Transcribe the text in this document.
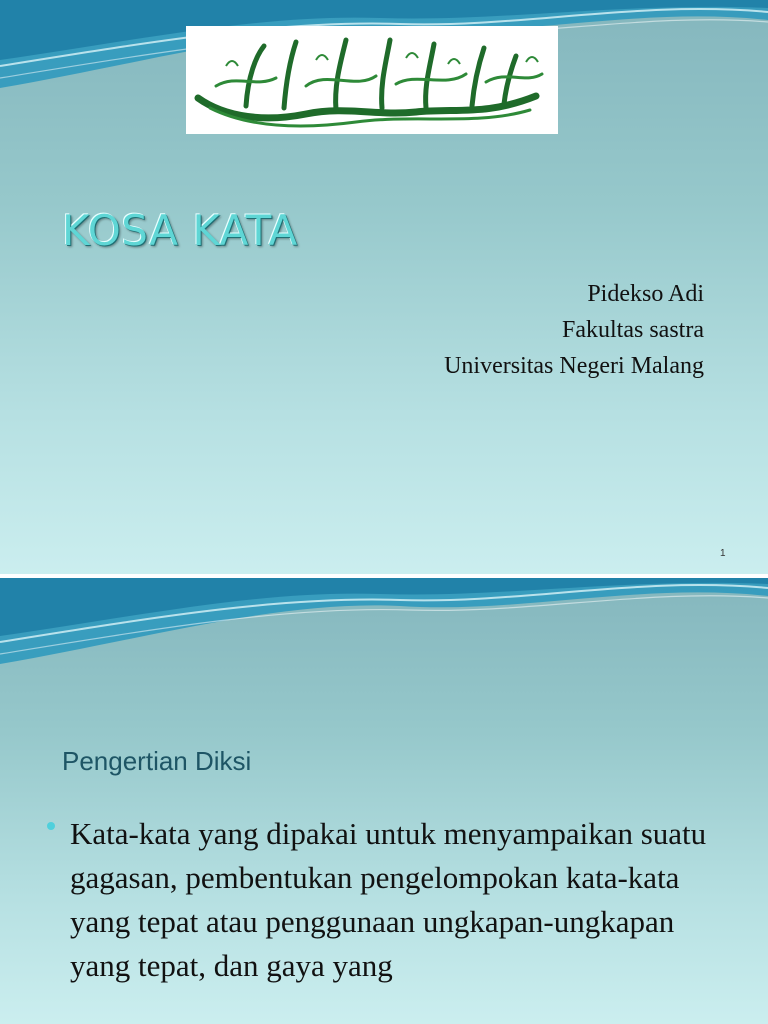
KOSA KATA
Pidekso Adi
Fakultas sastra
Universitas Negeri Malang
1
Pengertian Diksi

Kata-kata yang dipakai untuk menyampaikan suatu gagasan, pembentukan pengelompokan kata-kata yang tepat atau penggunaan ungkapan-ungkapan yang tepat, dan gaya yang
